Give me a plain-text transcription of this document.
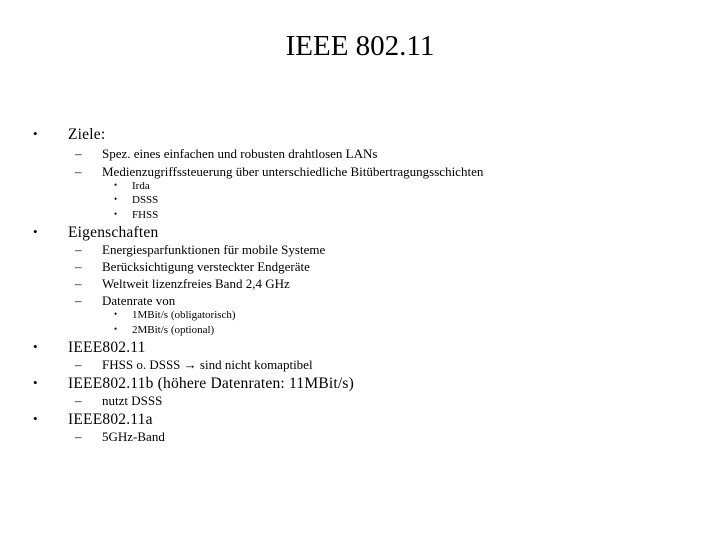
IEEE 802.11
• Ziele:
– Spez. eines einfachen und robusten drahtlosen LANs
– Medienzugriffssteuerung über unterschiedliche Bitübertragungsschichten
• Irda
• DSSS
• FHSS
• Eigenschaften
– Energiesparfunktionen für mobile Systeme
– Berücksichtigung versteckter Endgeräte
– Weltweit lizenzfreies Band 2,4 GHz
– Datenrate von
• 1MBit/s (obligatorisch)
• 2MBit/s (optional)
• IEEE802.11
– FHSS o. DSSS → sind nicht komaptibel
• IEEE802.11b (höhere Datenraten: 11MBit/s)
– nutzt DSSS
• IEEE802.11a
– 5GHz-Band
